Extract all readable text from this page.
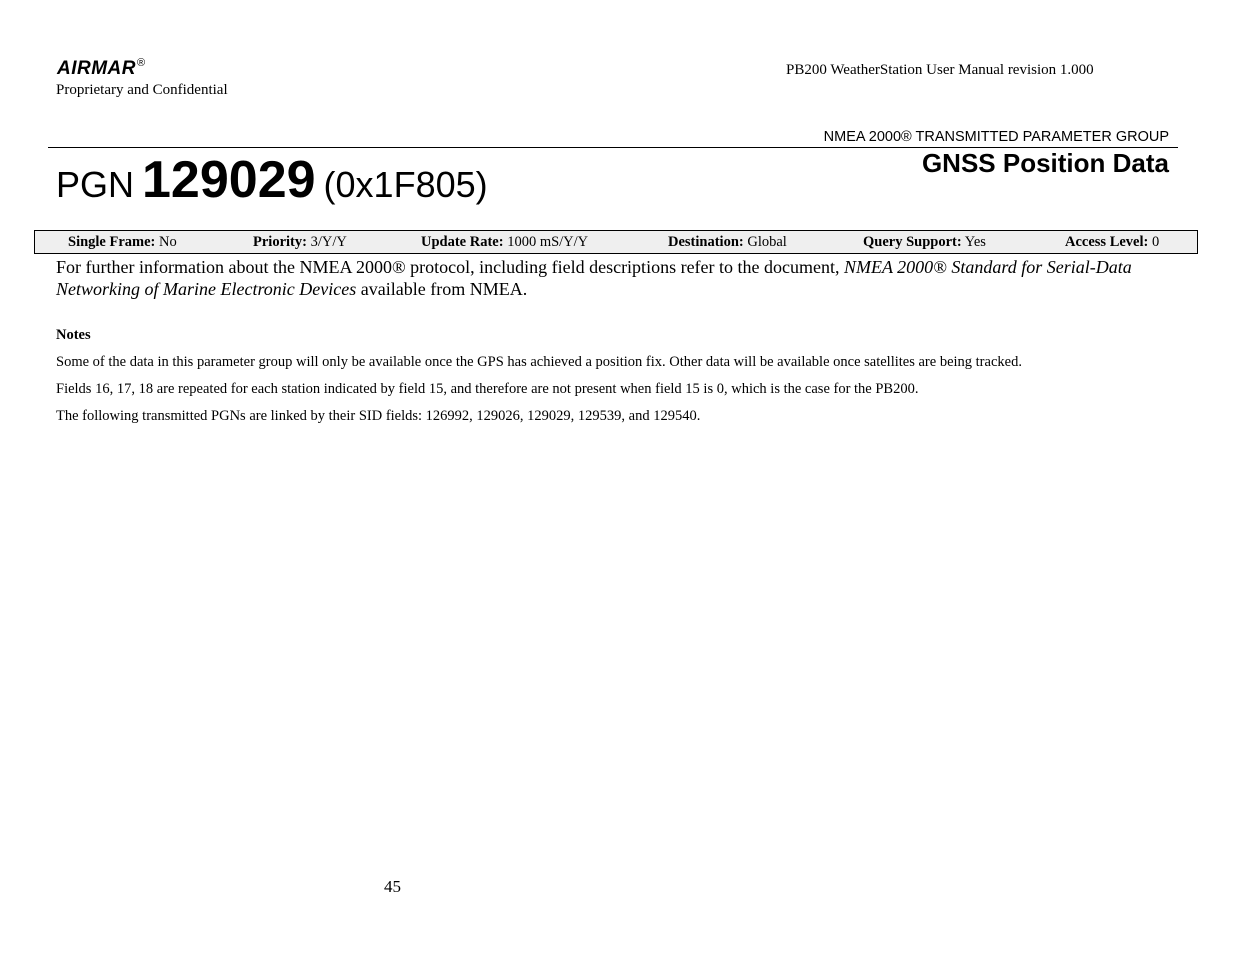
AIRMAR®
Proprietary and Confidential
PB200 WeatherStation User Manual revision 1.000
NMEA 2000® TRANSMITTED PARAMETER GROUP
GNSS Position Data
PGN 129029 (0x1F805)
Single Frame: No	Priority: 3/Y/Y	Update Rate: 1000 mS/Y/Y	Destination: Global	Query Support: Yes	Access Level: 0
For further information about the NMEA 2000® protocol, including field descriptions refer to the document, NMEA 2000® Standard for Serial-Data Networking of Marine Electronic Devices available from NMEA.
Notes
Some of the data in this parameter group will only be available once the GPS has achieved a position fix. Other data will be available once satellites are being tracked.
Fields 16, 17, 18 are repeated for each station indicated by field 15, and therefore are not present when field 15 is 0, which is the case for the PB200.
The following transmitted PGNs are linked by their SID fields: 126992, 129026, 129029, 129539, and 129540.
45
